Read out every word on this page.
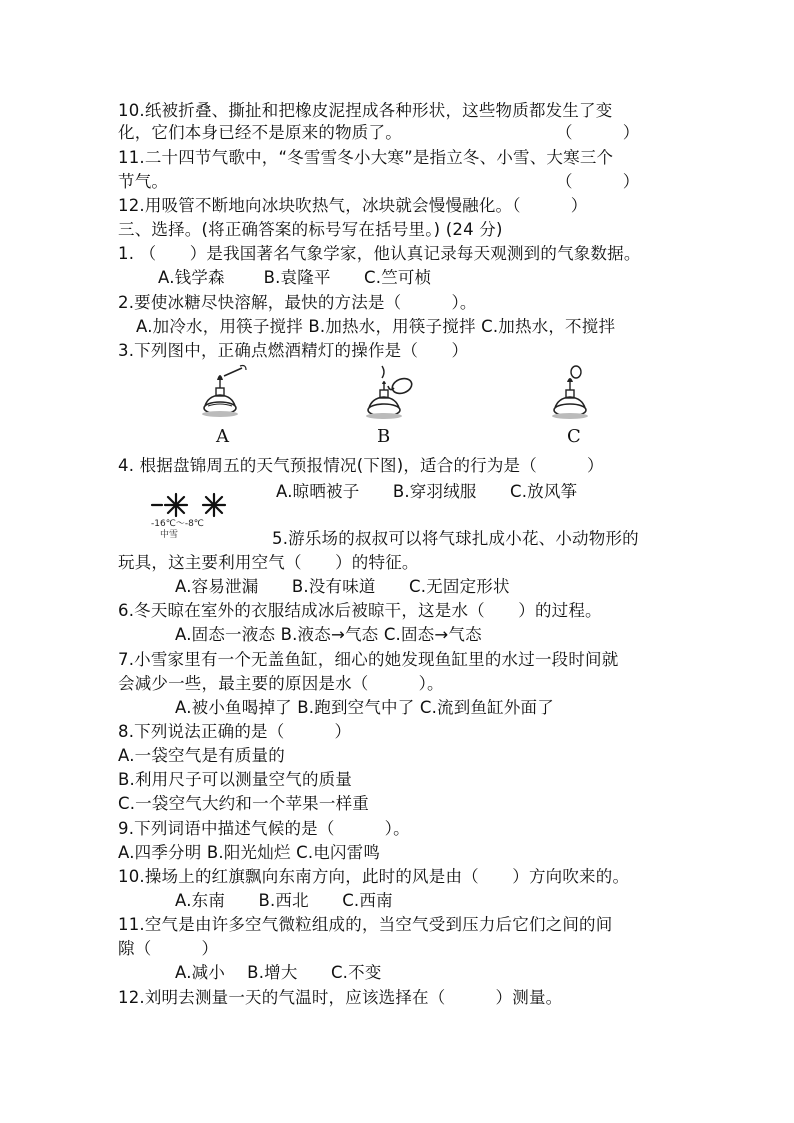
10.纸被折叠、撕扯和把橡皮泥捏成各种形状，这些物质都发生了变
化，它们本身已经不是原来的物质了。	（　　　）
11.二十四节气歌中，“冬雪雪冬小大寒”是指立冬、小雪、大寒三个
节气。	（　　　）
12.用吸管不断地向冰块吹热气，冰块就会慢慢融化。（　　　）
三、选择。(将正确答案的标号写在括号里。) (24 分)
1. （　　）是我国著名气象学家，他认真记录每天观测到的气象数据。
A.钱学森　　 B.袁隆平　　C.竺可桢
2.要使冰糖尽快溶解，最快的方法是（　　　）。
A.加冷水，用筷子搅拌 B.加热水，用筷子搅拌 C.加热水，不搅拌
3.下列图中，正确点燃酒精灯的操作是（　　）
A	B	C
4. 根据盘锦周五的天气预报情况(下图)，适合的行为是（　　　）
-16℃～-8℃
中雪
A.晾晒被子　　B.穿羽绒服　　C.放风筝
5.游乐场的叔叔可以将气球扎成小花、小动物形的
玩具，这主要利用空气（　　）的特征。
A.容易泄漏　　B.没有味道　　C.无固定形状
6.冬天晾在室外的衣服结成冰后被晾干，这是水（　　）的过程。
A.固态一液态 B.液态→气态 C.固态→气态
7.小雪家里有一个无盖鱼缸，细心的她发现鱼缸里的水过一段时间就
会减少一些，最主要的原因是水（　　　）。
A.被小鱼喝掉了 B.跑到空气中了 C.流到鱼缸外面了
8.下列说法正确的是（　　　）
A.一袋空气是有质量的
B.利用尺子可以测量空气的质量
C.一袋空气大约和一个苹果一样重
9.下列词语中描述气候的是（　　　）。
A.四季分明 B.阳光灿烂 C.电闪雷鸣
10.操场上的红旗飘向东南方向，此时的风是由（　　）方向吹来的。
A.东南　　B.西北　　C.西南
11.空气是由许多空气微粒组成的，当空气受到压力后它们之间的间
隙（　　　）
A.减小　 B.增大　　C.不变
12.刘明去测量一天的气温时，应该选择在（　　　）测量。
